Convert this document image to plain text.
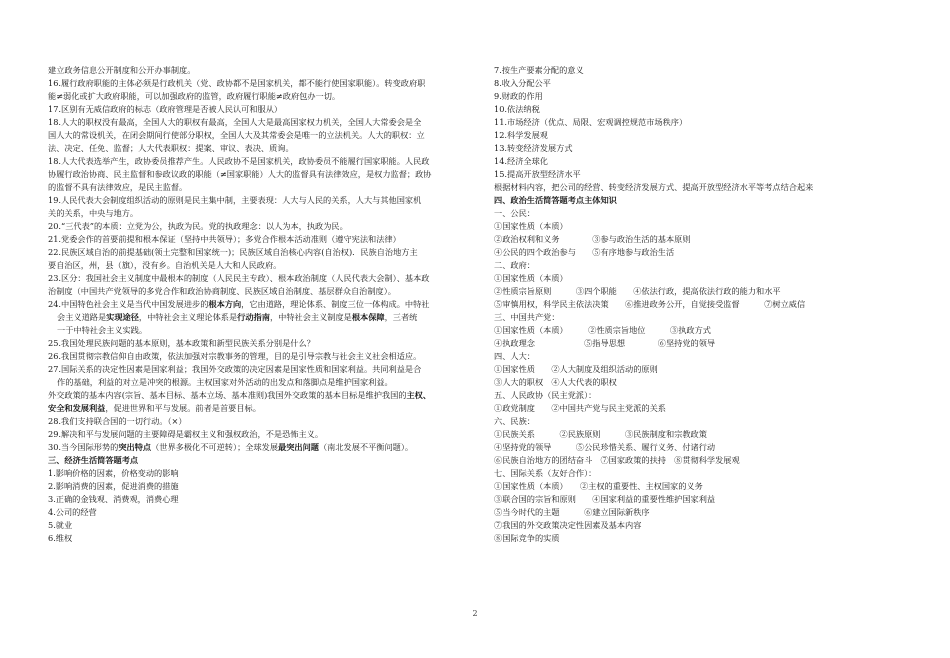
建立政务信息公开制度和公开办事制度。
16.履行政府职能的主体必须是行政机关（党、政协都不是国家机关，都不能行使国家职能）。转变政府职
能≠弱化或扩大政府职能，可以加强政府的监管，政府履行职能≠政府包办一切。
17.区别有无威信政府的标志（政府管理是否被人民认可和服从）
18.人大的职权没有最高，全国人大的职权有最高，全国人大是最高国家权力机关，全国人大常委会是全
国人大的常设机关，在闭会期间行使部分职权，全国人大及其常委会是唯一的立法机关。人大的职权：立
法、决定、任免、监督；人大代表职权：提案、审议、表决、质询。
18.人大代表选举产生，政协委员推荐产生。人民政协不是国家机关，政协委员不能履行国家职能。人民政
协履行政治协商、民主监督和参政议政的职能（≠国家职能）人大的监督具有法律效应，是权力监督；政协
的监督不具有法律效应，是民主监督。
19.人民代表大会制度组织活动的原则是民主集中制，主要表现：人大与人民的关系，人大与其他国家机
关的关系，中央与地方。
20.“三代表”的本质：立党为公，执政为民。党的执政理念：以人为本，执政为民。
21.党委会作的首要前提和根本保证（坚持中共领导）；多党合作根本活动准则（遵守宪法和法律）
22.民族区域自治的前提基础(领土完整和国家统一)；民族区域自治核心内容(自治权)．民族自治地方主
要自治区，州，县（旗），没有乡。自治机关是人大和人民政府。
23.区分：我国社会主义制度中最根本的制度（人民民主专政）、根本政治制度（人民代表大会制）、基本政
治制度（中国共产党领导的多党合作和政治协商制度、民族区域自治制度、基层群众自治制度）。
24.中国特色社会主义是当代中国发展进步的根本方向，它由道路，理论体系、制度三位一体构成。中特社
会主义道路是实现途径，中特社会主义理论体系是行动指南，中特社会主义制度是根本保障，三者统
一于中特社会主义实践。
25.我国处理民族问题的基本原则，基本政策和新型民族关系分别是什么？
26.我国贯彻宗教信仰自由政策，依法加强对宗教事务的管理，目的是引导宗教与社会主义社会相适应。
27.国际关系的决定性因素是国家利益；我国外交政策的决定因素是国家性质和国家利益。共同利益是合
作的基础，利益的对立是冲突的根源。主权国家对外活动的出发点和落脚点是维护国家利益。
外交政策的基本内容(宗旨、基本目标、基本立场、基本准则)我国外交政策的基本目标是维护我国的主权、
安全和发展利益，促进世界和平与发展。前者是首要目标。
28.我们支持联合国的一切行动。（×）
29.解决和平与发展问题的主要障碍是霸权主义和强权政治，不是恐怖主义。
30.当今国际形势的突出特点（世界多极化不可逆转）；全球发展最突出问题（南北发展不平衡问题）。
三、经济生活简答题考点
1.影响价格的因素，价格变动的影响
2.影响消费的因素，促进消费的措施
3.正确的金钱观、消费观，消费心理
4.公司的经营
5.就业
6.维权
7.按生产要素分配的意义
8.收入分配公平
9.财政的作用
10.依法纳税
11.市场经济（优点、局限、宏观调控规范市场秩序）
12.科学发展观
13.转变经济发展方式
14.经济全球化
15.提高开放型经济水平
根据材料内容，把公司的经营、转变经济发展方式、提高开放型经济水平等考点结合起来
四、政治生活简答题考点主体知识
一、公民：
①国家性质（本质）
②政治权利和义务　　　　③参与政治生活的基本原则
④公民的四个政治参与　　⑤有序地参与政治生活
二、政府：
①国家性质（本质）
②性质宗旨原则　　　③四个职能　　④依法行政，提高依法行政的能力和水平
⑤审慎用权，科学民主依法决策　　⑥推进政务公开，自觉接受监督　　　⑦树立威信
三、中国共产党：
①国家性质（本质）　　　②性质宗旨地位　　　③执政方式
④执政理念　　　　　　⑤指导思想　　　　⑥坚持党的领导
四、人大：
①国家性质　　②人大制度及组织活动的原则
③人大的职权　④人大代表的职权
五、人民政协（民主党派）：
①政党制度　　②中国共产党与民主党派的关系
六、民族：
①民族关系　　　②民族原则　　　③民族制度和宗教政策
④坚持党的领导　　　⑤公民珍惜关系、履行义务、付诸行动
⑥民族自治地方的团结奋斗　⑦国家政策的扶持　⑧贯彻科学发展观
七、国际关系（友好合作）：
①国家性质（本质）　　②主权的重要性、主权国家的义务
③联合国的宗旨和原则　　④国家利益的重要性维护国家利益
⑤当今时代的主题　　　⑥建立国际新秩序
⑦我国的外交政策决定性因素及基本内容
⑧国际竞争的实质
2
